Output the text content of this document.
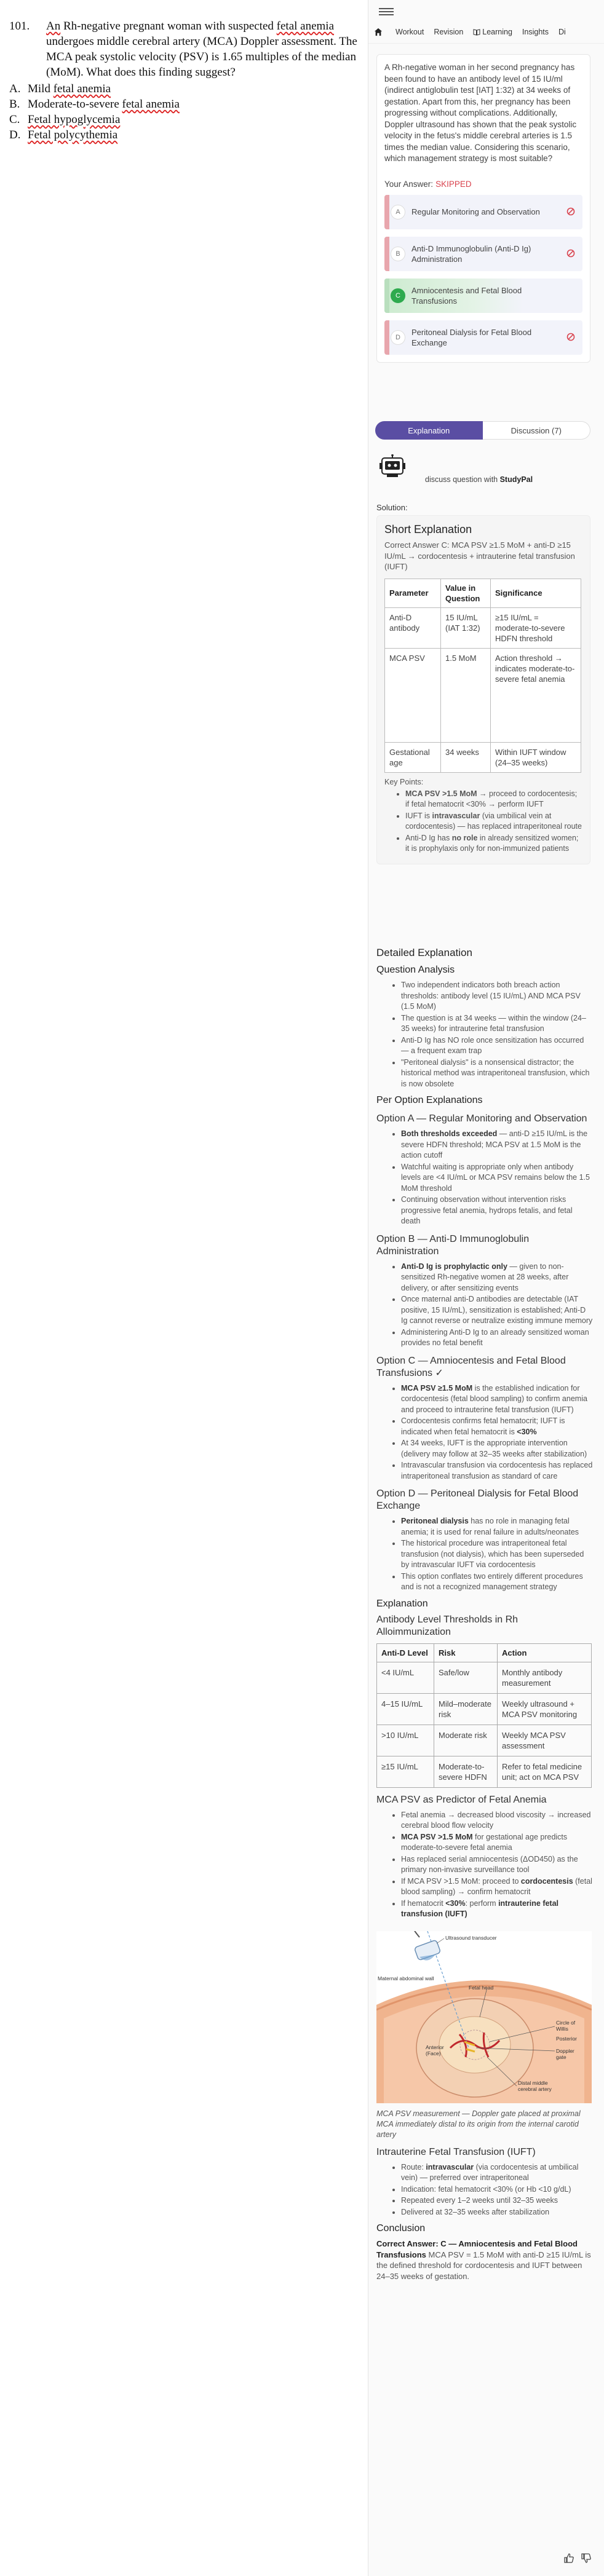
101.	An Rh-negative pregnant woman with suspected fetal anemia undergoes middle cerebral artery (MCA) Doppler assessment. The MCA peak systolic velocity (PSV) is 1.65 multiples of the median (MoM). What does this finding suggest?
A. Mild fetal anemia
B. Moderate-to-severe fetal anemia
C. Fetal hypoglycemia
D. Fetal polycythemia
Workout Revision Learning Insights Di
A Rh-negative woman in her second pregnancy has been found to have an antibody level of 15 IU/ml (indirect antiglobulin test [IAT] 1:32) at 34 weeks of gestation. Apart from this, her pregnancy has been progressing without complications. Additionally, Doppler ultrasound has shown that the peak systolic velocity in the fetus's middle cerebral arteries is 1.5 times the median value. Considering this scenario, which management strategy is most suitable?
Your Answer: SKIPPED
A	Regular Monitoring and Observation
B
Anti-D Immunoglobulin (Anti-D Ig) Administration
C
Amniocentesis and Fetal Blood Transfusions
D
Peritoneal Dialysis for Fetal Blood Exchange
Explanation	Discussion (7)
discuss question with StudyPal
Solution:
Short Explanation
Correct Answer C: MCA PSV ≥1.5 MoM + anti-D ≥15 IU/mL → cordocentesis + intrauterine fetal transfusion (IUFT)
Parameter	Value in Question	Significance
Anti-D antibody	15 IU/mL (IAT 1:32)	≥15 IU/mL = moderate-to-severe HDFN threshold
MCA PSV	1.5 MoM	Action threshold → indicates moderate-to-severe fetal anemia
Gestational age	34 weeks	Within IUFT window (24–35 weeks)
Key Points:
• MCA PSV >1.5 MoM → proceed to cordocentesis; if fetal hematocrit <30% → perform IUFT
• IUFT is intravascular (via umbilical vein at cordocentesis) — has replaced intraperitoneal route
• Anti-D Ig has no role in already sensitized women; it is prophylaxis only for non-immunized patients
Detailed Explanation
Question Analysis
• Two independent indicators both breach action thresholds: antibody level (15 IU/mL) AND MCA PSV (1.5 MoM)
• The question is at 34 weeks — within the window (24–35 weeks) for intrauterine fetal transfusion
• Anti-D Ig has NO role once sensitization has occurred — a frequent exam trap
• "Peritoneal dialysis" is a nonsensical distractor; the historical method was intraperitoneal transfusion, which is now obsolete
Per Option Explanations
Option A — Regular Monitoring and Observation
• Both thresholds exceeded — anti-D ≥15 IU/mL is the severe HDFN threshold; MCA PSV at 1.5 MoM is the action cutoff
• Watchful waiting is appropriate only when antibody levels are <4 IU/mL or MCA PSV remains below the 1.5 MoM threshold
• Continuing observation without intervention risks progressive fetal anemia, hydrops fetalis, and fetal death
Option B — Anti-D Immunoglobulin Administration
• Anti-D Ig is prophylactic only — given to non-sensitized Rh-negative women at 28 weeks, after delivery, or after sensitizing events
• Once maternal anti-D antibodies are detectable (IAT positive, 15 IU/mL), sensitization is established; Anti-D Ig cannot reverse or neutralize existing immune memory
• Administering Anti-D Ig to an already sensitized woman provides no fetal benefit
Option C — Amniocentesis and Fetal Blood Transfusions ✓
• MCA PSV ≥1.5 MoM is the established indication for cordocentesis (fetal blood sampling) to confirm anemia and proceed to intrauterine fetal transfusion (IUFT)
• Cordocentesis confirms fetal hematocrit; IUFT is indicated when fetal hematocrit is <30%
• At 34 weeks, IUFT is the appropriate intervention (delivery may follow at 32–35 weeks after stabilization)
• Intravascular transfusion via cordocentesis has replaced intraperitoneal transfusion as standard of care
Option D — Peritoneal Dialysis for Fetal Blood Exchange
• Peritoneal dialysis has no role in managing fetal anemia; it is used for renal failure in adults/neonates
• The historical procedure was intraperitoneal fetal transfusion (not dialysis), which has been superseded by intravascular IUFT via cordocentesis
• This option conflates two entirely different procedures and is not a recognized management strategy
Explanation
Antibody Level Thresholds in Rh Alloimmunization
Anti-D Level	Risk	Action
<4 IU/mL	Safe/low	Monthly antibody measurement
4–15 IU/mL	Mild–moderate risk	Weekly ultrasound + MCA PSV monitoring
>10 IU/mL	Moderate risk	Weekly MCA PSV assessment
≥15 IU/mL	Moderate-to-severe HDFN	Refer to fetal medicine unit; act on MCA PSV
MCA PSV as Predictor of Fetal Anemia
• Fetal anemia → decreased blood viscosity → increased cerebral blood flow velocity
• MCA PSV >1.5 MoM for gestational age predicts moderate-to-severe fetal anemia
• Has replaced serial amniocentesis (ΔOD450) as the primary non-invasive surveillance tool
• If MCA PSV >1.5 MoM: proceed to cordocentesis (fetal blood sampling) → confirm hematocrit
• If hematocrit <30%: perform intrauterine fetal transfusion (IUFT)
Ultrasound transducer
Maternal abdominal wall
Fetal head
Circle of
Willis
Anterior
(Face)
Posterior
Doppler
gate
Distal middle
cerebral artery
MCA PSV measurement — Doppler gate placed at proximal MCA immediately distal to its origin from the internal carotid artery
Intrauterine Fetal Transfusion (IUFT)
• Route: intravascular (via cordocentesis at umbilical vein) — preferred over intraperitoneal
• Indication: fetal hematocrit <30% (or Hb <10 g/dL)
• Repeated every 1–2 weeks until 32–35 weeks
• Delivered at 32–35 weeks after stabilization
Conclusion

Correct Answer: C — Amniocentesis and Fetal Blood Transfusions MCA PSV = 1.5 MoM with anti-D ≥15 IU/mL is the defined threshold for cordocentesis and IUFT between 24–35 weeks of gestation.
